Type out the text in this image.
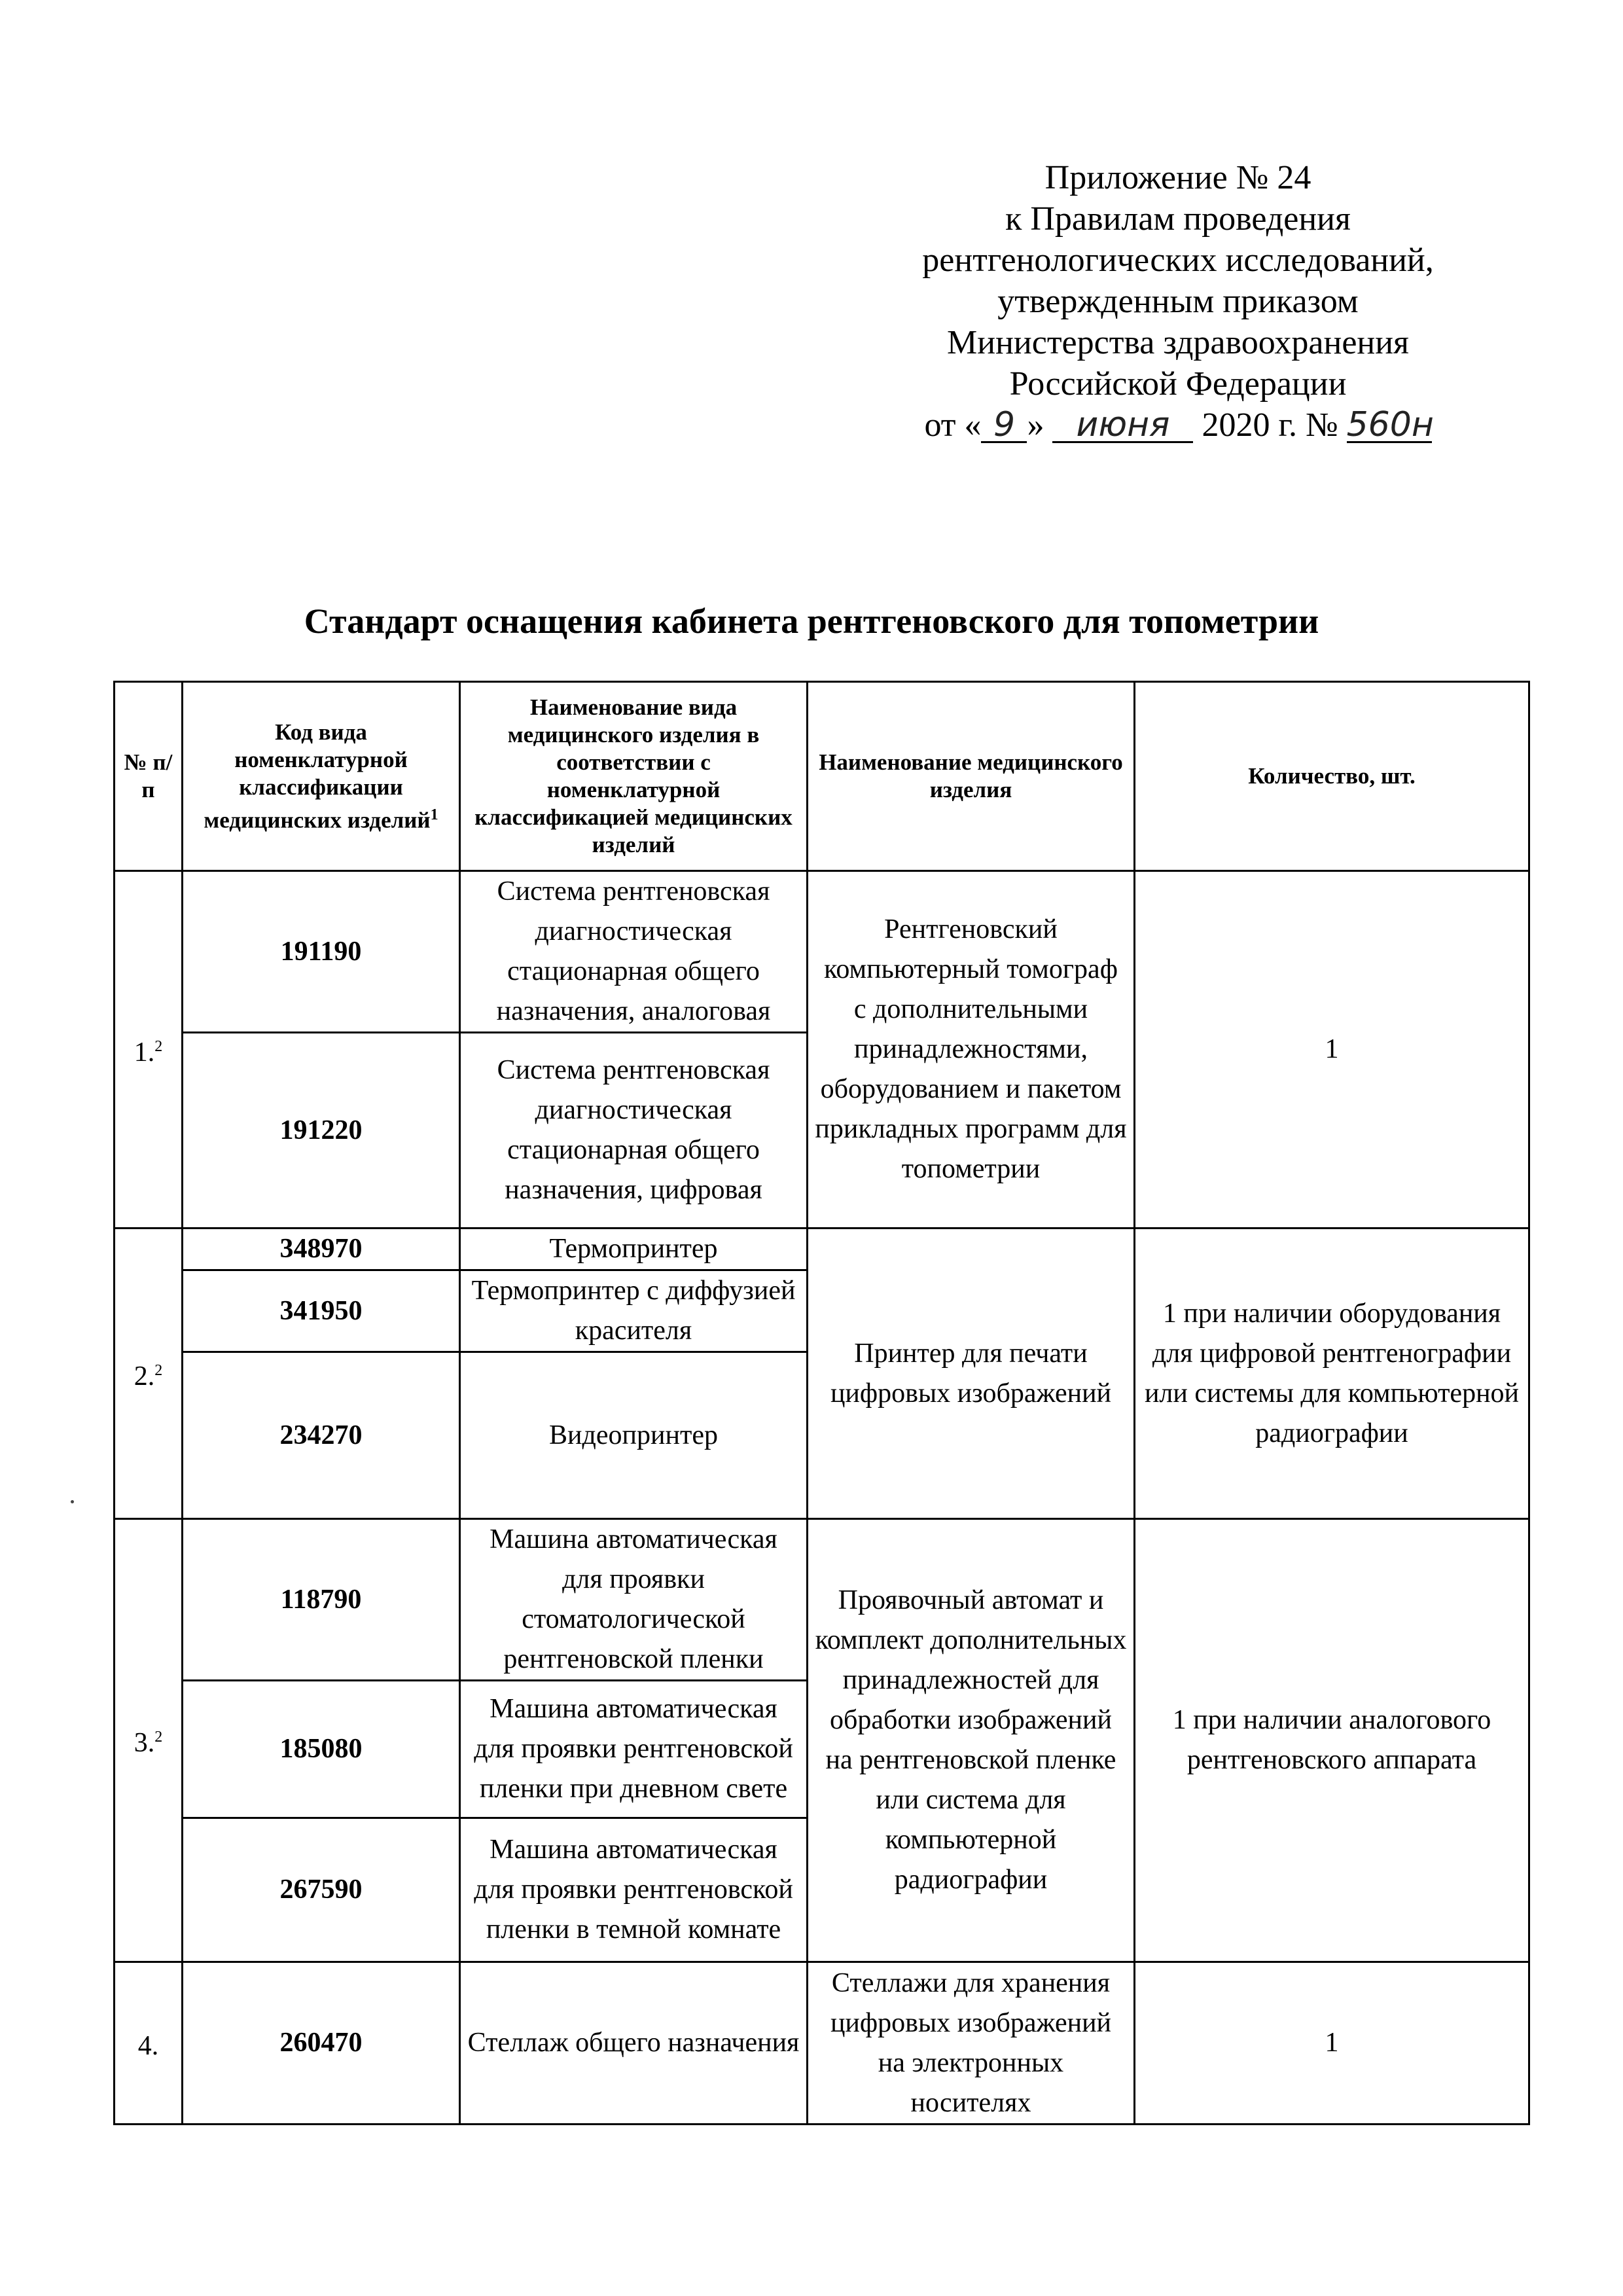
Приложение № 24
к Правилам проведения
рентгенологических исследований,
утвержденным приказом
Министерства здравоохранения
Российской Федерации
от « 9 » июня 2020 г. № 560н
Стандарт оснащения кабинета рентгеновского для топометрии
№ п/п	Код вида номенклатурной классификации медицинских изделий$^1$	Наименование вида медицинского изделия в соответствии с номенклатурной классификацией медицинских изделий	Наименование медицинского изделия	Количество, шт.
1.$^2$	191190	Система рентгеновская диагностическая стационарная общего назначения, аналоговая	Рентгеновский компьютерный томограф с дополнительными принадлежностями, оборудованием и пакетом прикладных программ для топометрии	1
	191220	Система рентгеновская диагностическая стационарная общего назначения, цифровая		
2.$^2$	348970	Термопринтер	Принтер для печати цифровых изображений	1 при наличии оборудования для цифровой рентгенографии или системы для компьютерной радиографии
	341950	Термопринтер с диффузией красителя		
	234270	Видеопринтер		
3.$^2$	118790	Машина автоматическая для проявки стоматологической рентгеновской пленки	Проявочный автомат и комплект дополнительных принадлежностей для обработки изображений на рентгеновской пленке или система для компьютерной радиографии	1 при наличии аналогового рентгеновского аппарата
	185080	Машина автоматическая для проявки рентгеновской пленки при дневном свете		
	267590	Машина автоматическая для проявки рентгеновской пленки в темной комнате		
4.	260470	Стеллаж общего назначения	Стеллажи для хранения цифровых изображений на электронных носителях	1
